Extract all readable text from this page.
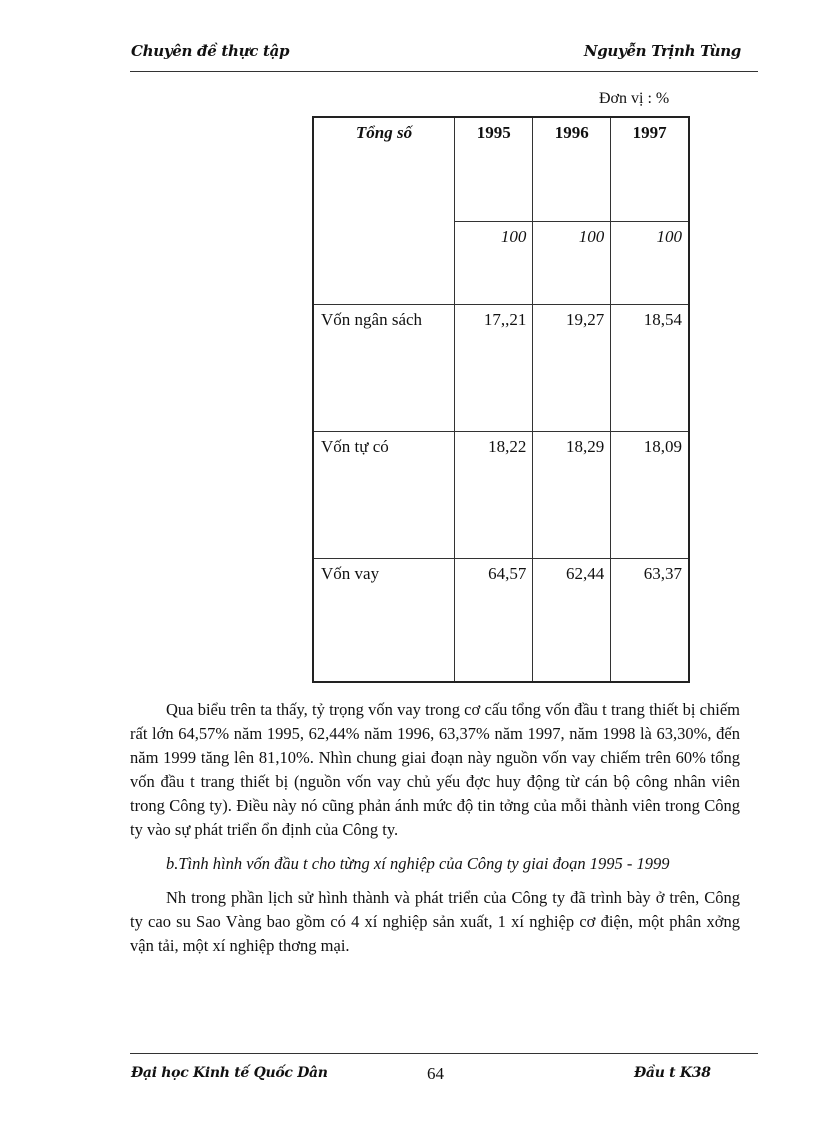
Chuyên đề thực tập	Nguyễn Trịnh Tùng
Đơn vị : %
Tổng số	1995	1996	1997
	100	100	100
Vốn ngân sách	17,,21	19,27	18,54
Vốn tự có	18,22	18,29	18,09
Vốn vay	64,57	62,44	63,37

Qua biểu trên ta thấy, tỷ trọng vốn vay trong cơ cấu tổng vốn đầu t trang thiết bị chiếm rất lớn 64,57% năm 1995, 62,44% năm 1996, 63,37% năm 1997, năm 1998 là 63,30%, đến năm 1999 tăng lên 81,10%. Nhìn chung giai đoạn này nguồn vốn vay chiếm trên 60% tổng vốn đầu t trang thiết bị (nguồn vốn vay chủ yếu đợc huy động từ cán bộ công nhân viên trong Công ty). Điều này nó cũng phản ánh mức độ tin tởng của mỗi thành viên trong Công ty vào sự phát triển ổn định của Công ty.

b.Tình hình vốn đầu t cho từng xí nghiệp của Công ty giai đoạn 1995 - 1999

Nh trong phần lịch sử hình thành và phát triển của Công ty đã trình bày ở trên, Công ty cao su Sao Vàng bao gồm có 4 xí nghiệp sản xuất, 1 xí nghiệp cơ điện, một phân xởng vận tải, một xí nghiệp thơng mại.

Đại học Kinh tế Quốc Dân	64	Đầu t K38
